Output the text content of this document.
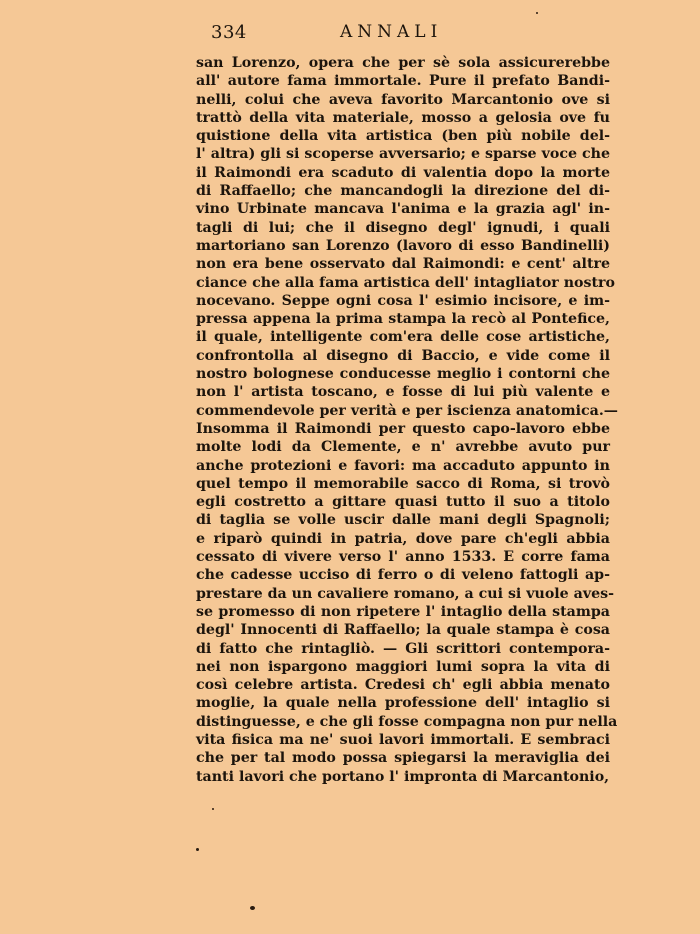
334	ANNALI
san Lorenzo, opera che per sè sola assicurerebbe
all' autore fama immortale. Pure il prefato Bandi-
nelli, colui che aveva favorito Marcantonio ove si
trattò della vita materiale, mosso a gelosia ove fu
quistione della vita artistica (ben più nobile del-
l' altra) gli si scoperse avversario; e sparse voce che
il Raimondi era scaduto di valentia dopo la morte
di Raffaello; che mancandogli la direzione del di-
vino Urbinate mancava l'anima e la grazia agl' in-
tagli di lui; che il disegno degl' ignudi, i quali
martoriano san Lorenzo (lavoro di esso Bandinelli)
non era bene osservato dal Raimondi: e cent' altre
ciance che alla fama artistica dell' intagliator nostro
nocevano. Seppe ogni cosa l' esimio incisore, e im-
pressa appena la prima stampa la recò al Pontefice,
il quale, intelligente com'era delle cose artistiche,
confrontolla al disegno di Baccio, e vide come il
nostro bolognese conducesse meglio i contorni che
non l' artista toscano, e fosse di lui più valente e
commendevole per verità e per iscienza anatomica.—
Insomma il Raimondi per questo capo-lavoro ebbe
molte lodi da Clemente, e n' avrebbe avuto pur
anche protezioni e favori: ma accaduto appunto in
quel tempo il memorabile sacco di Roma, si trovò
egli costretto a gittare quasi tutto il suo a titolo
di taglia se volle uscir dalle mani degli Spagnoli;
e riparò quindi in patria, dove pare ch'egli abbia
cessato di vivere verso l' anno 1533. E corre fama
che cadesse ucciso di ferro o di veleno fattogli ap-
prestare da un cavaliere romano, a cui si vuole aves-
se promesso di non ripetere l' intaglio della stampa
degl' Innocenti di Raffaello; la quale stampa è cosa
di fatto che rintagliò. — Gli scrittori contempora-
nei non ispargono maggiori lumi sopra la vita di
così celebre artista. Credesi ch' egli abbia menato
moglie, la quale nella professione dell' intaglio si
distinguesse, e che gli fosse compagna non pur nella
vita fisica ma ne' suoi lavori immortali. E sembraci
che per tal modo possa spiegarsi la meraviglia dei
tanti lavori che portano l' impronta di Marcantonio,
